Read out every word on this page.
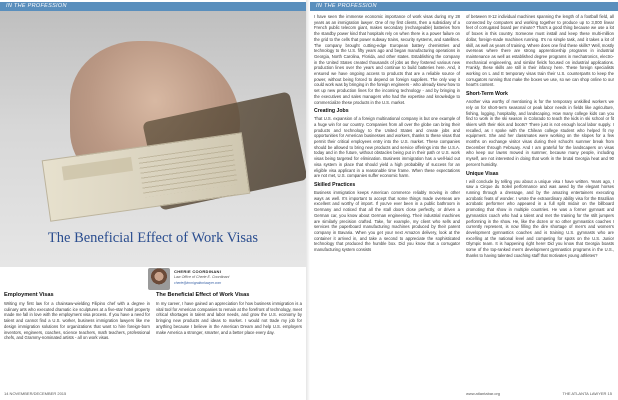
IN THE PROFESSION
The Beneficial Effect of Work Visas
CHERIE COORDINANI
Law Office of Cherie E. Coordinani
cherie@immigrationlawyer.com
Employment Visas

Writing my first law for a chainsaw-wielding Filipino chef with a degree in culinary arts who executed dramatic ice sculptures at a five-star hotel property made me fall in love with the employment visa process. If you have a need for talent and cannot find a U.S. worker, business immigration lawyers like me design immigration solutions for organizations that want to hire foreign-born inventors, engineers, coaches, science teachers, math teachers, professional chefs, and Grammy-nominated artists - all on work visas.

The Beneficial Effect of Work Visas

In my career, I have gained an appreciation for how business immigration is a vital tool for American companies to remain at the forefront of technology, meet critical shortages in talent and labor needs, and grow the U.S. economy by bringing new products and ideas to market. I would not trade my job for anything because I believe in the American Dream and help U.S. employers make America a stronger, smarter, and a better place every day.

14 NOVEMBER/DECEMBER 2015
IN THE PROFESSION

I have seen the immense economic importance of work visas during my 28 years as an immigration lawyer. One of my first clients, then a subsidiary of a French public telecom giant, makes secondary (rechargeable) batteries from the standby power kind that hospitals rely on when there is a power failure on the grid to the cells that power subway trains, security systems, and satellites. The company brought cutting-edge European battery chemistries and technology to the U.S. fifty years ago and began manufacturing operations in Georgia, North Carolina, Florida, and other states. Establishing the company in the United States created thousands of jobs as they fostered various new production lines over the years and continue to build batteries here. And, it ensured we have ongoing access to products that are a reliable source of power, without being forced to depend on foreign suppliers. The only way it could work was by bringing in the foreign engineers - who already knew how to set up new production lines for the incoming technology - and by bringing in the executives and sales managers who had the expertise and knowledge to commercialize these products in the U.S. market.

Creating Jobs

That U.S. expansion of a foreign multinational company is but one example of a huge win for our country. Companies from all over the globe can bring their products and technology to the United States and create jobs and opportunities for American businesses and workers, thanks to these visas that permit their critical employees entry into the U.S. market. These companies should be allowed to bring new products and service offerings into the U.S.A. today and in the future, without obstacles being put in their path or U.S. work visas being targeted for elimination. Business immigration has a well-laid out visa system in place that should yield a high probability of success for an eligible visa applicant in a reasonable time frame. When these expectations are not met, U.S. companies suffer economic harm.

Skilled Practices

Business immigration keeps American commerce reliably moving in other ways as well. It's important to accept that some things made overseas are excellent and worthy of import. If you've ever been in a public bathroom in Germany and noticed that all the stall doors close perfectly, or driven a German car, you know about German engineering. Their industrial machines are similarly precision crafted. Take, for example, my client who sells and services the paperboard manufacturing machines produced by their parent company in Bavaria. When you get your next Amazon delivery, look at the container it arrived in, and take a second to appreciate the sophisticated technology that produced the humble box. Did you know that a corrugator manufacturing system consists

of between 8-12 individual machines spanning the length of a football field, all connected by computers and working together to produce up to 3,000 linear feet of corrugated board per minute? That's a good thing because we use a lot of boxes in this country. Someone must install and keep these multi-million dollar, foreign-made machines running. It's no simple task, and it takes a lot of skill, as well as years of training. Where does one find these skills? Well, mostly overseas where there are strong apprenticeship programs in industrial maintenance as well as established degree programs in mechatronics, electro-mechanical engineering, and similar fields focused on industrial applications. Frankly, these skills are still in their infancy here. These foreign specialists working on L and E temporary visas train their U.S. counterparts to keep the corrugators running that make the boxes we use, so we can shop online to our heart's content.

Short-Term Work

Another visa worthy of mentioning is for the temporary unskilled workers we rely on for short-term seasonal or peak labor needs in fields like agriculture, fishing, logging, hospitality, and landscaping. How many college kids can you find to work in the ski season in Colorado to teach the kids in ski school or fit skiers with their skis and boots? There just is not enough local labor supply. I recalled, as I spoke with the Chilean college student who helped fit my equipment. She and her classmates were working on the slopes for a few months on exchange visitor visas during their school's summer break from December through February. And I am grateful for the landscapers on visas who keep our lawns mowed in summer, because many people, including myself, are not interested in doing that work in the brutal Georgia heat and 90 percent humidity.

Unique Visas

I will conclude by telling you about a unique visa I have written. Years ago, I saw a Cirque du Soleil performance and was awed by the elegant horses running through a dressage, and by the amazing entertainers executing acrobatic feats of wonder. I wrote the extraordinary ability visa for the Brazilian acrobatic performer who appeared in a full split midair on the billboard promoting that show in multiple countries. He was a former gymnast and gymnastics coach who had a talent and met the training for the stilt jumpers performing in the show. He, like the dozen or so other gymnastics coaches I currently represent, is now filling the dire shortage of men's and women's development gymnastics coaches and is training U.S. gymnasts who are excelling at the national level and competing for spots on the U.S. Junior Olympic team. It is happening right here! Did you know that Georgia boasts some of the top-ranked men's development gymnastics programs in the U.S., thanks to having talented coaching staff that motivates young athletes?

www.atlantabar.org	THE ATLANTA LAWYER 15
